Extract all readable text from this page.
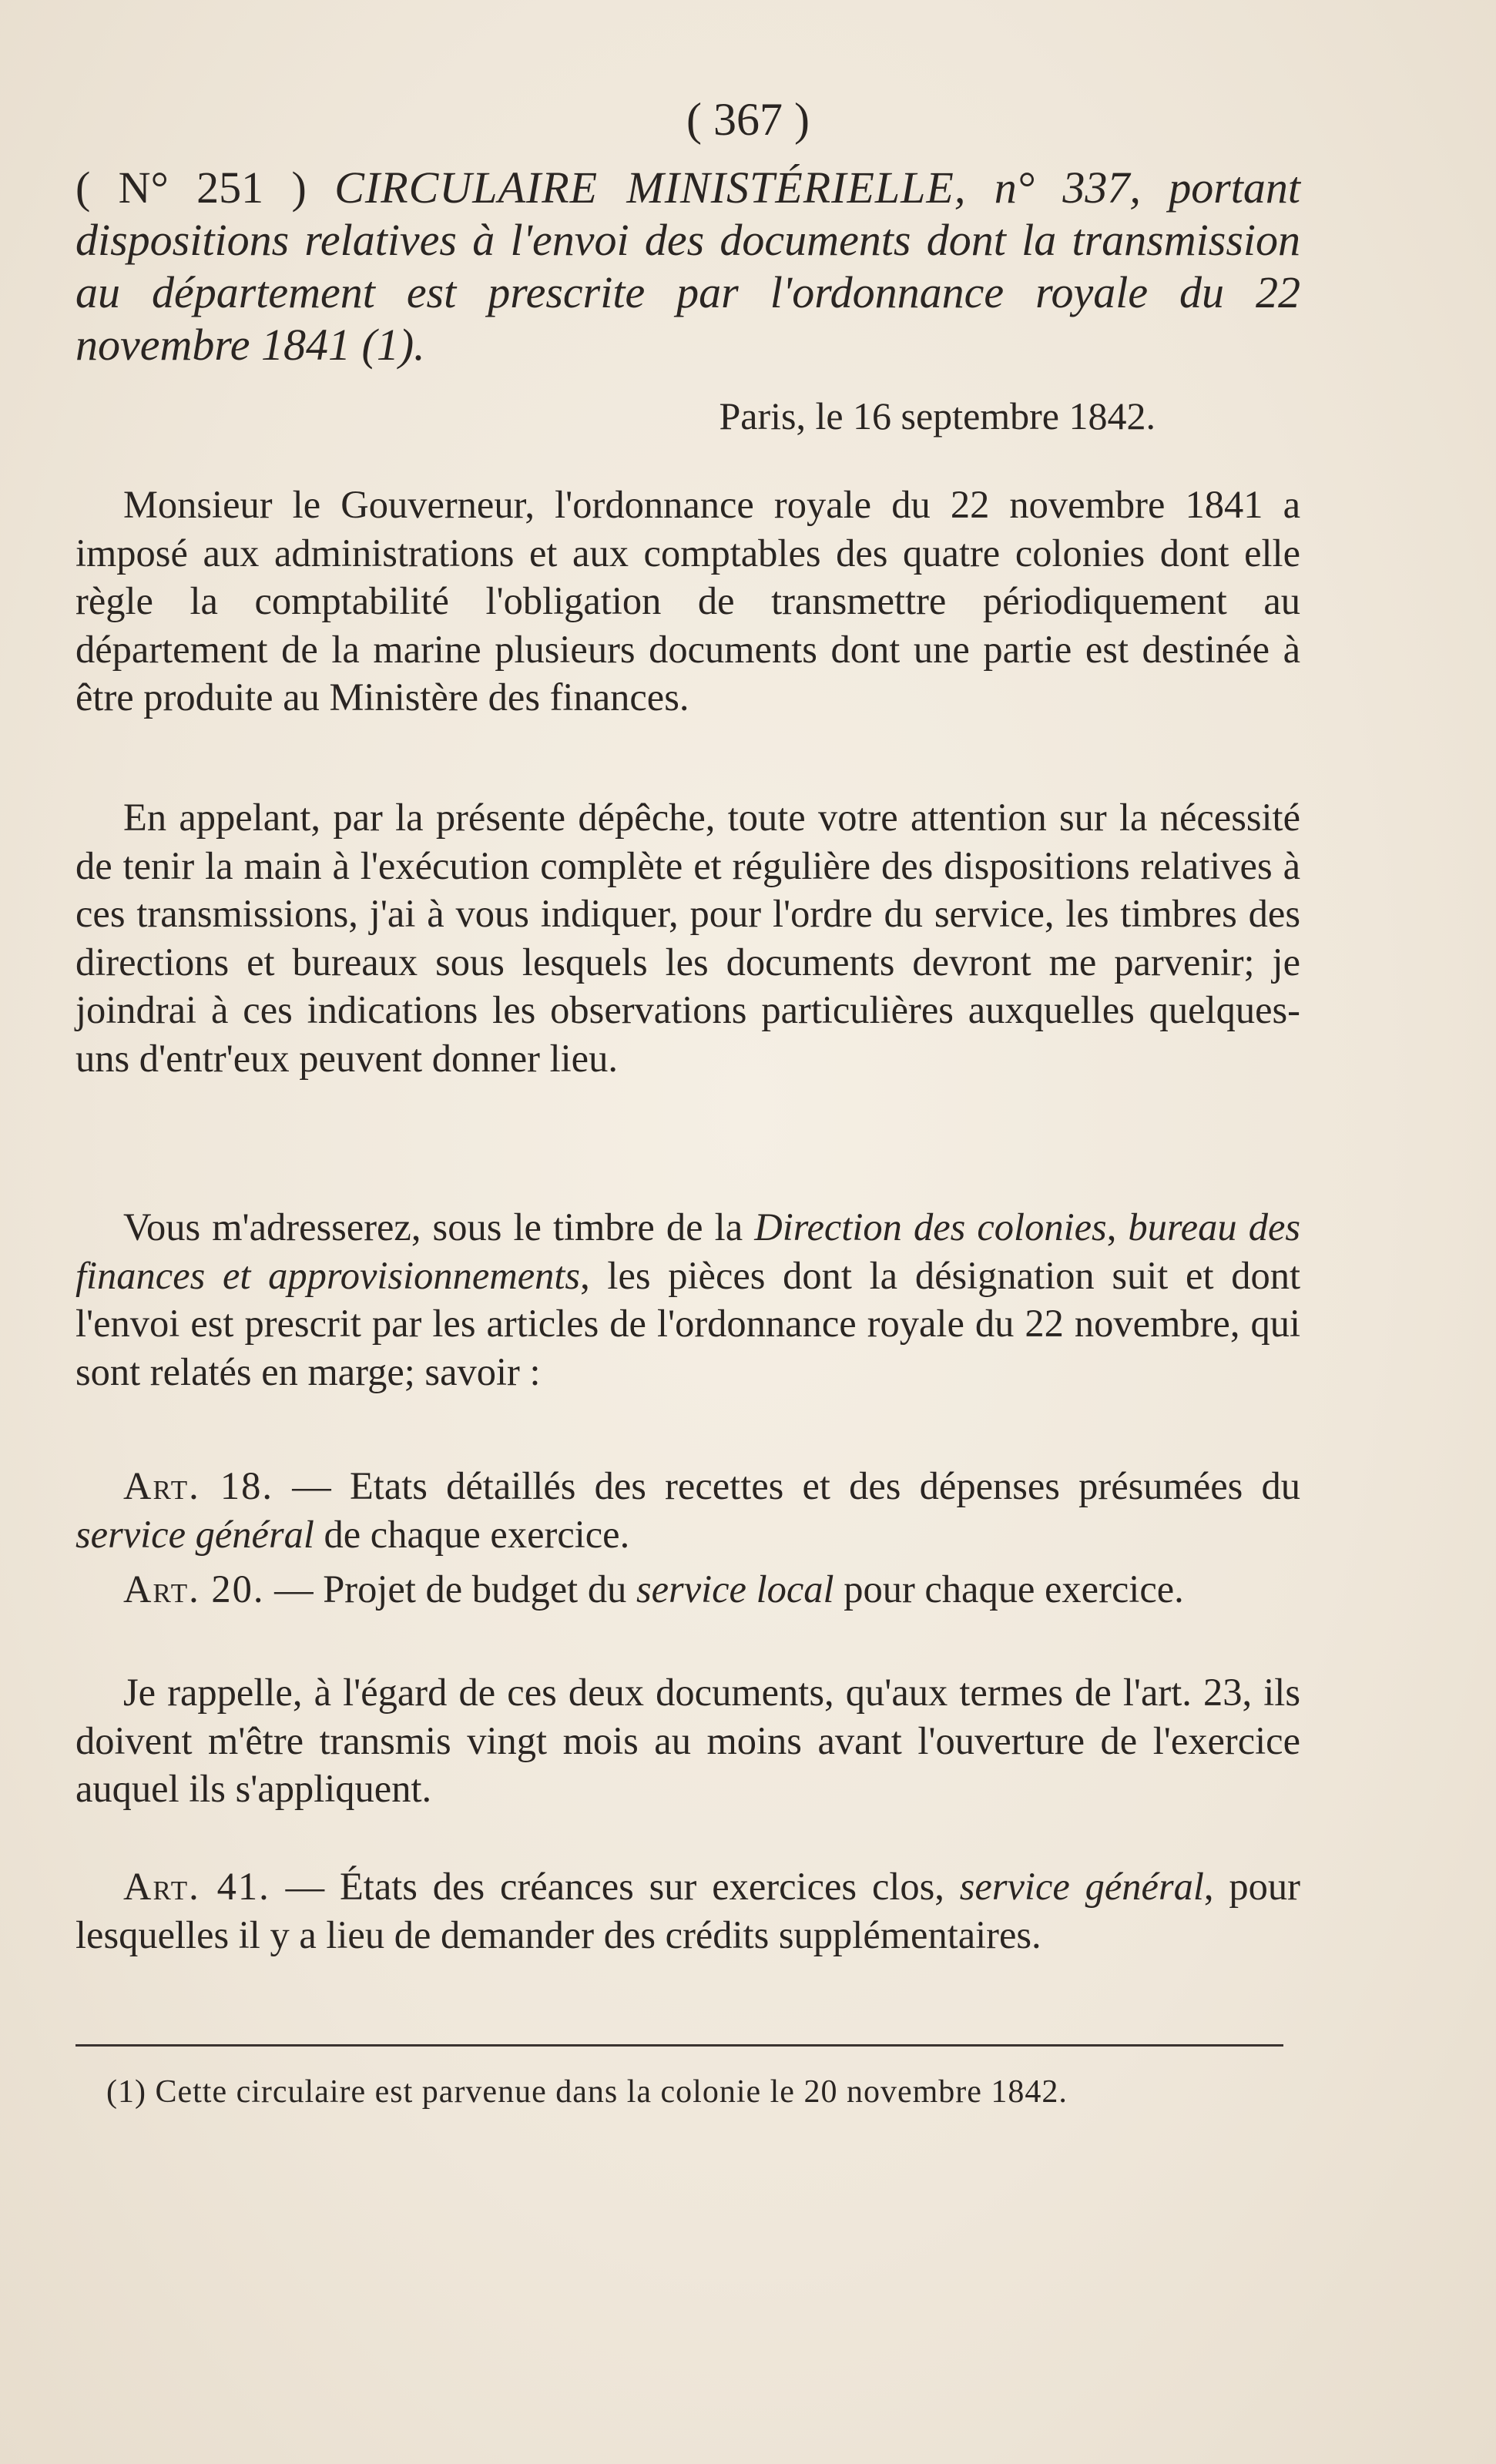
( 367 )
( N° 251 ) CIRCULAIRE MINISTÉRIELLE, n° 337, portant dispositions relatives à l'envoi des documents dont la transmission au département est prescrite par l'ordonnance royale du 22 novembre 1841 (1).
Paris, le 16 septembre 1842.

Monsieur le Gouverneur, l'ordonnance royale du 22 novembre 1841 a imposé aux administrations et aux comptables des quatre colonies dont elle règle la comptabilité l'obligation de transmettre périodiquement au département de la marine plusieurs documents dont une partie est destinée à être produite au Ministère des finances.

En appelant, par la présente dépêche, toute votre attention sur la nécessité de tenir la main à l'exécution complète et régulière des dispositions relatives à ces transmissions, j'ai à vous indiquer, pour l'ordre du service, les timbres des directions et bureaux sous lesquels les documents devront me parvenir; je joindrai à ces indications les observations particulières auxquelles quelques-uns d'entr'eux peuvent donner lieu.

Vous m'adresserez, sous le timbre de la Direction des colonies, bureau des finances et approvisionnements, les pièces dont la désignation suit et dont l'envoi est prescrit par les articles de l'ordonnance royale du 22 novembre, qui sont relatés en marge; savoir :

Art. 18. — Etats détaillés des recettes et des dépenses présumées du service général de chaque exercice.

Art. 20. — Projet de budget du service local pour chaque exercice.

Je rappelle, à l'égard de ces deux documents, qu'aux termes de l'art. 23, ils doivent m'être transmis vingt mois au moins avant l'ouverture de l'exercice auquel ils s'appliquent.

Art. 41. — États des créances sur exercices clos, service général, pour lesquelles il y a lieu de demander des crédits supplémentaires.

(1) Cette circulaire est parvenue dans la colonie le 20 novembre 1842.
